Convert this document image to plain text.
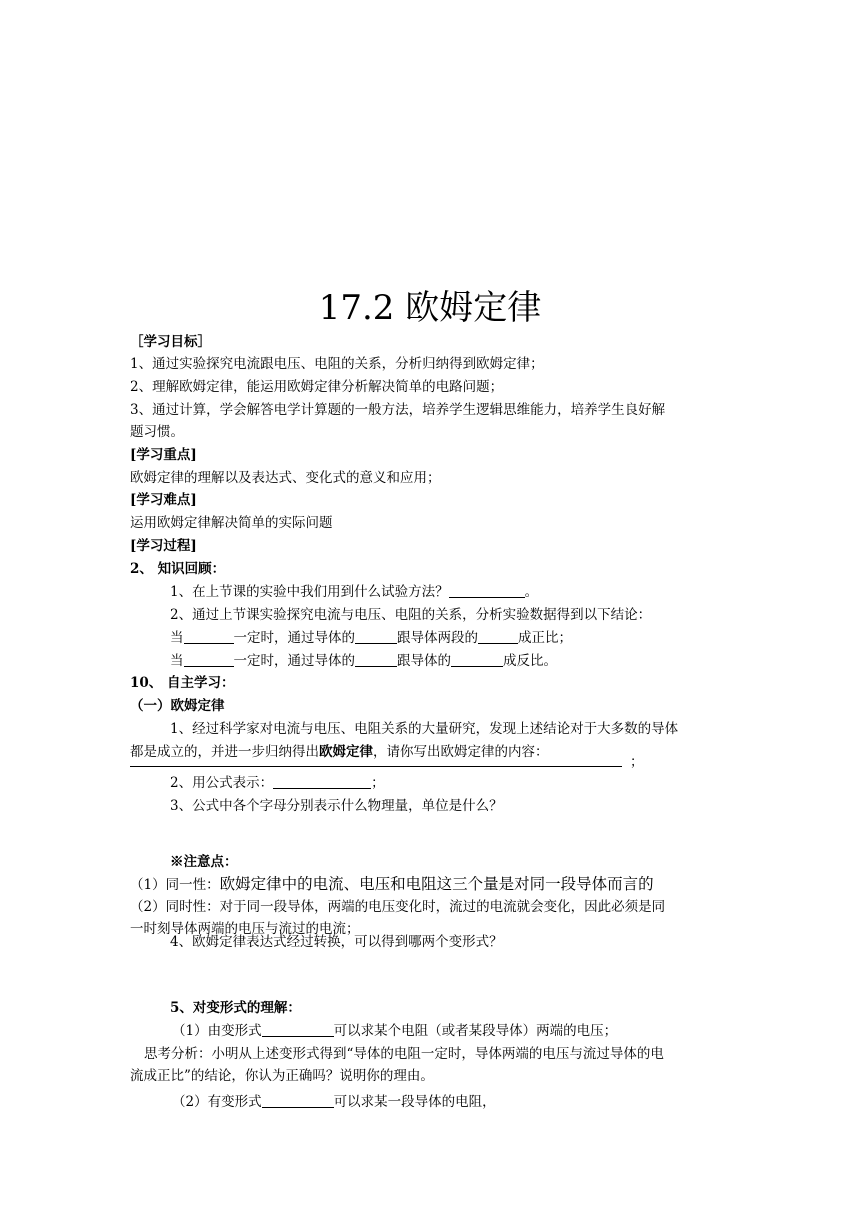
17.2 欧姆定律
［学习目标］
1、通过实验探究电流跟电压、电阻的关系，分析归纳得到欧姆定律；
2、理解欧姆定律，能运用欧姆定律分析解决简单的电路问题；
3、通过计算，学会解答电学计算题的一般方法，培养学生逻辑思维能力，培养学生良好解
题习惯。
[学习重点]
欧姆定律的理解以及表达式、变化式的意义和应用；
[学习难点]
运用欧姆定律解决简单的实际问题
[学习过程]
2、 知识回顾：
1、在上节课的实验中我们用到什么试验方法？	。
2、通过上节课实验探究电流与电压、电阻的关系，分析实验数据得到以下结论：
当	一定时，通过导体的	跟导体两段的	成正比；
当	一定时，通过导体的	跟导体的	成反比。
10、 自主学习：
（一）欧姆定律
1、经过科学家对电流与电压、电阻关系的大量研究，发现上述结论对于大多数的导体
都是成立的，并进一步归纳得出欧姆定律，请你写出欧姆定律的内容：
；
2、用公式表示：	；
3、公式中各个字母分别表示什么物理量，单位是什么？
※注意点：
（1）同一性：欧姆定律中的电流、电压和电阻这三个量是对同一段导体而言的
（2）同时性：对于同一段导体，两端的电压变化时，流过的电流就会变化，因此必须是同
一时刻导体两端的电压与流过的电流；
4、欧姆定律表达式经过转换，可以得到哪两个变形式？
5、对变形式的理解：
（1）由变形式	可以求某个电阻（或者某段导体）两端的电压；
思考分析：小明从上述变形式得到“导体的电阻一定时，导体两端的电压与流过导体的电
流成正比”的结论，你认为正确吗？说明你的理由。
（2）有变形式	可以求某一段导体的电阻，
